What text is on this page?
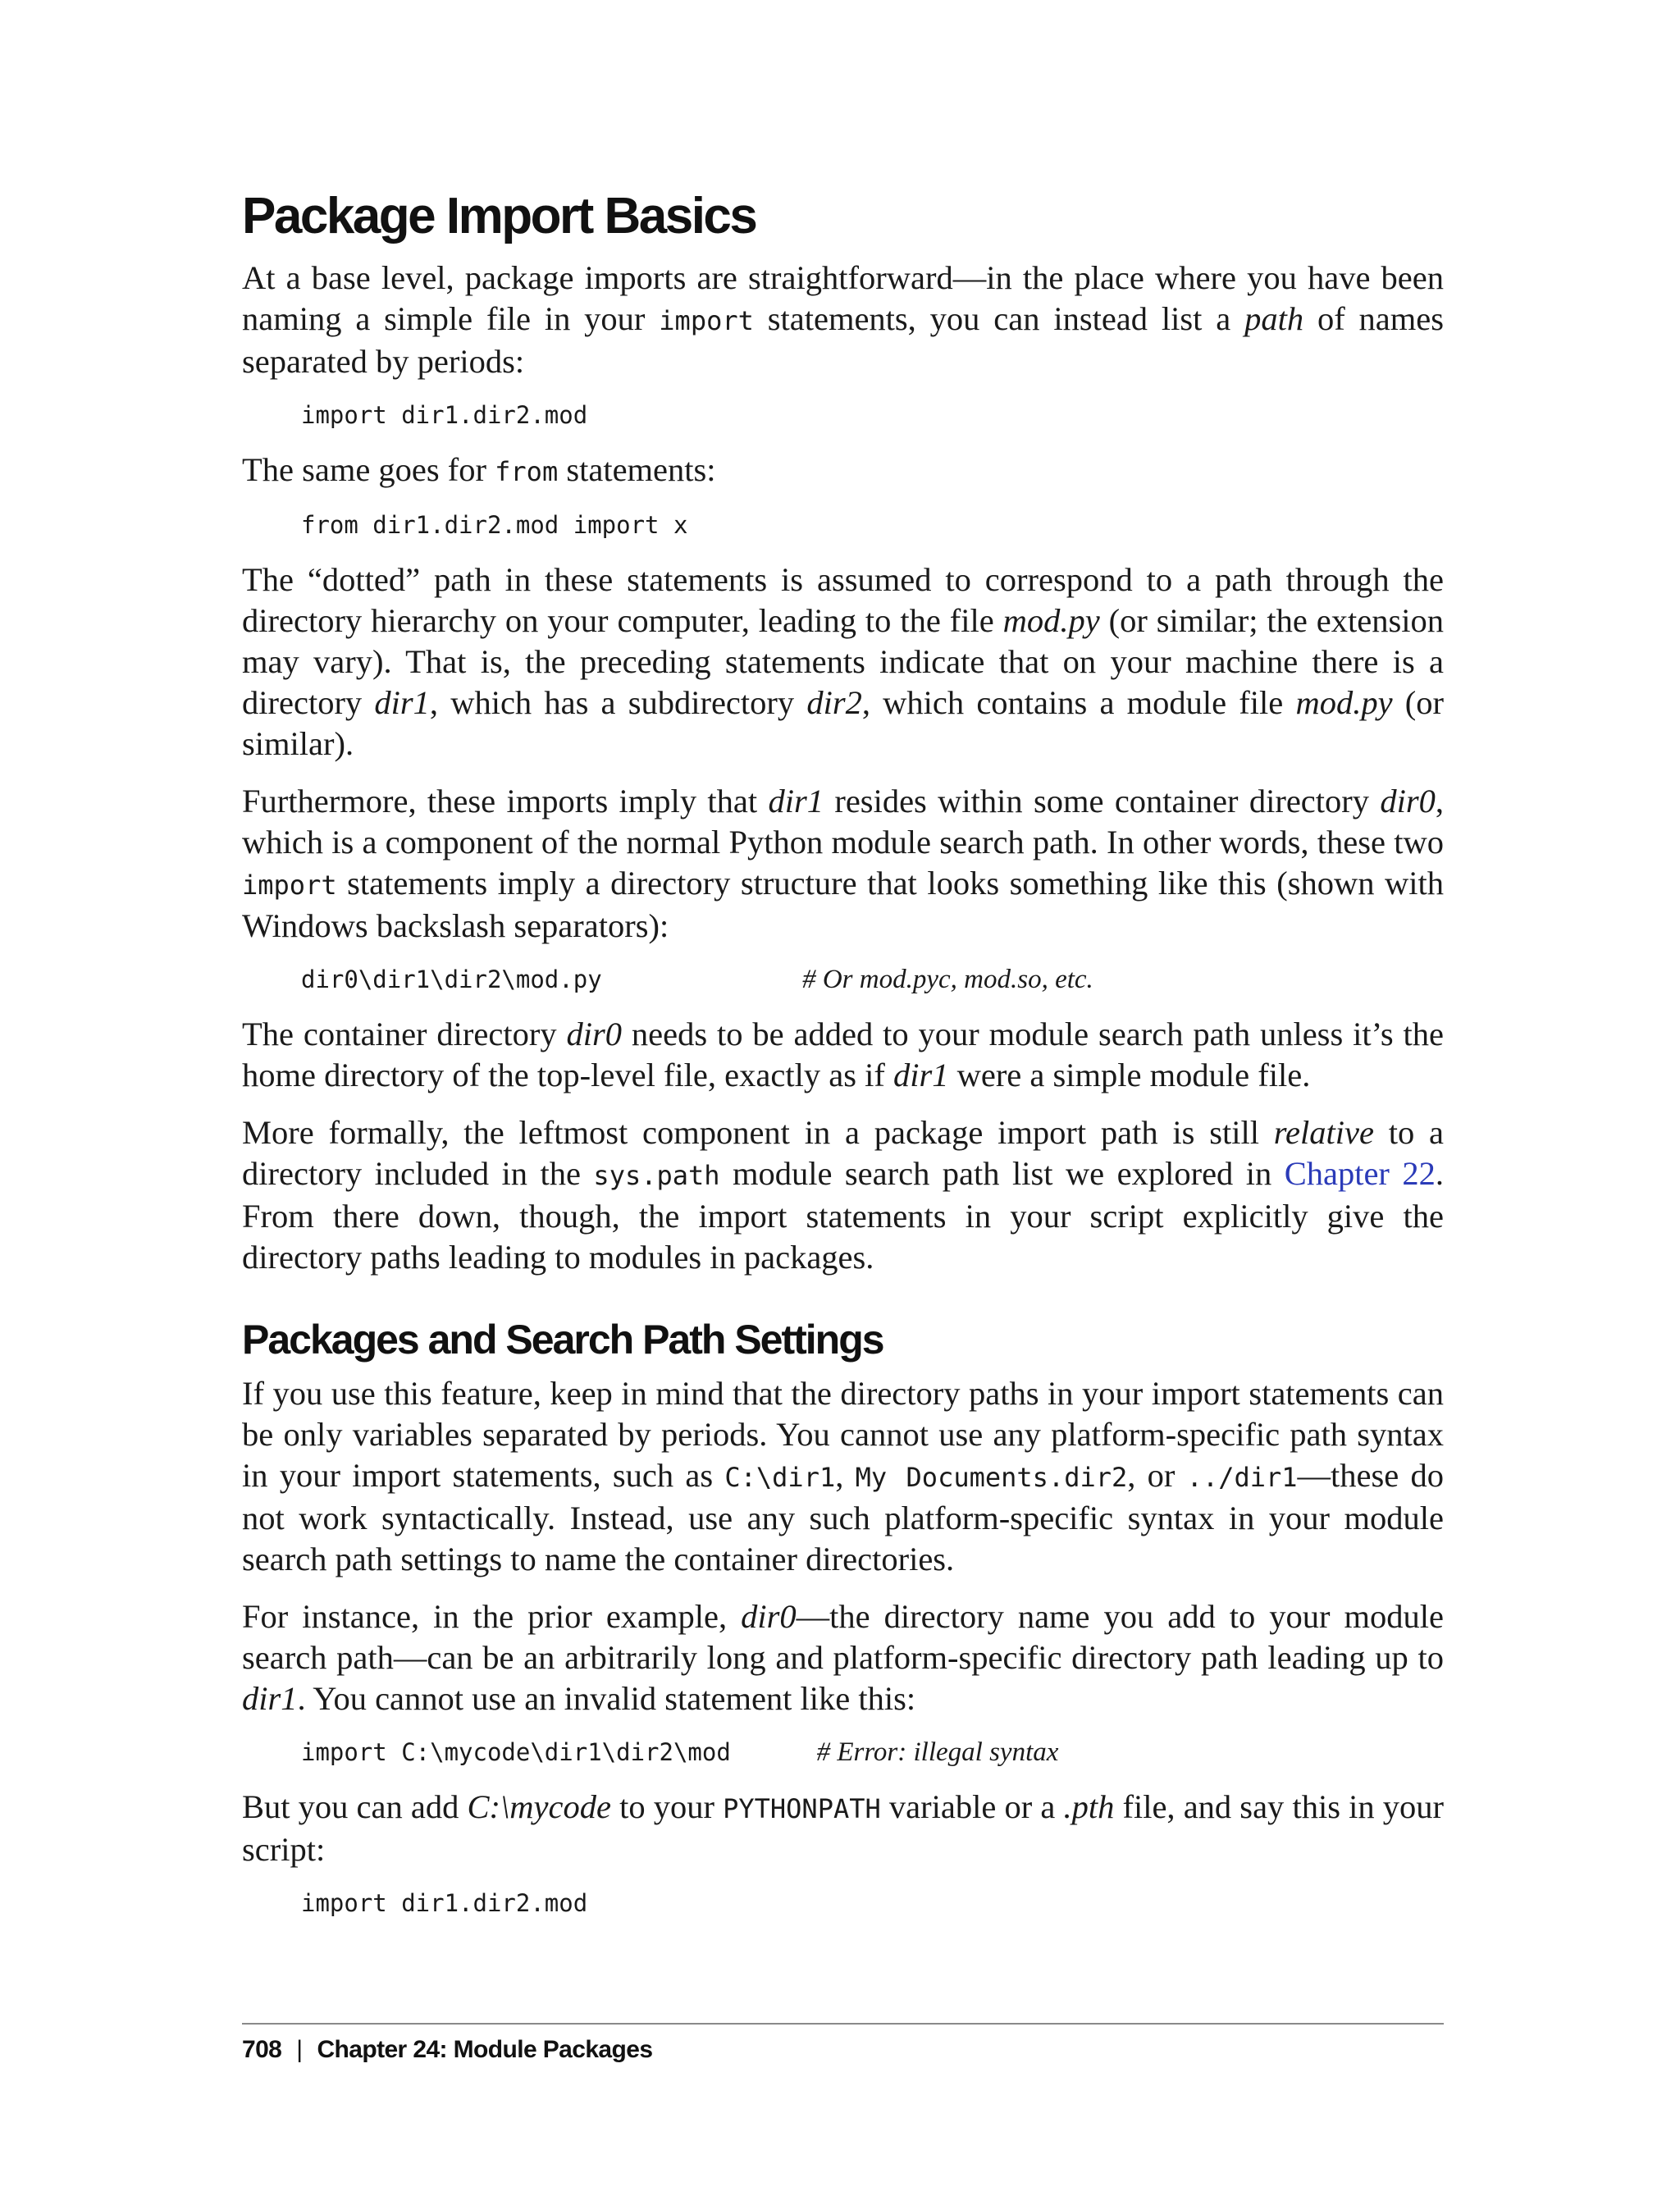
Package Import Basics

At a base level, package imports are straightforward—in the place where you have been naming a simple file in your import statements, you can instead list a path of names separated by periods:

import dir1.dir2.mod

The same goes for from statements:

from dir1.dir2.mod import x

The “dotted” path in these statements is assumed to correspond to a path through the directory hierarchy on your computer, leading to the file mod.py (or similar; the extension may vary). That is, the preceding statements indicate that on your machine there is a directory dir1, which has a subdirectory dir2, which contains a module file mod.py (or similar).

Furthermore, these imports imply that dir1 resides within some container directory dir0, which is a component of the normal Python module search path. In other words, these two import statements imply a directory structure that looks something like this (shown with Windows backslash separators):

dir0\dir1\dir2\mod.py	# Or mod.pyc, mod.so, etc.

The container directory dir0 needs to be added to your module search path unless it’s the home directory of the top-level file, exactly as if dir1 were a simple module file.

More formally, the leftmost component in a package import path is still relative to a directory included in the sys.path module search path list we explored in Chapter 22. From there down, though, the import statements in your script explicitly give the directory paths leading to modules in packages.

Packages and Search Path Settings

If you use this feature, keep in mind that the directory paths in your import statements can be only variables separated by periods. You cannot use any platform-specific path syntax in your import statements, such as C:\dir1, My Documents.dir2, or ../dir1—these do not work syntactically. Instead, use any such platform-specific syntax in your module search path settings to name the container directories.

For instance, in the prior example, dir0—the directory name you add to your module search path—can be an arbitrarily long and platform-specific directory path leading up to dir1. You cannot use an invalid statement like this:

import C:\mycode\dir1\dir2\mod	# Error: illegal syntax

But you can add C:\mycode to your PYTHONPATH variable or a .pth file, and say this in your script:

import dir1.dir2.mod
708 | Chapter 24: Module Packages
